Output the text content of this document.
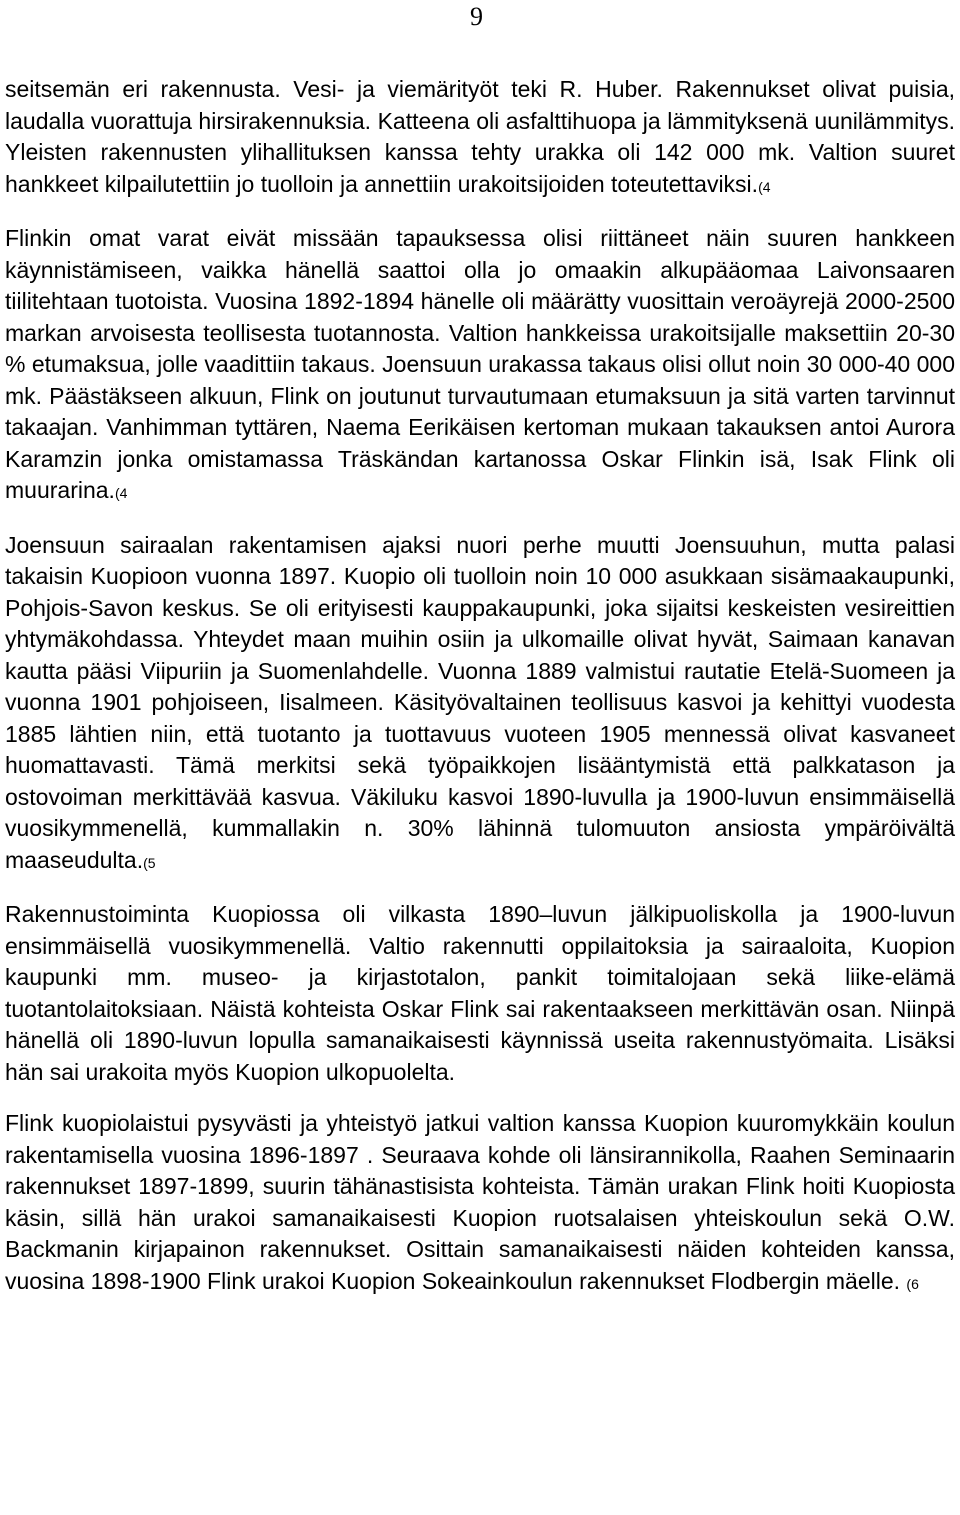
9

seitsemän eri rakennusta. Vesi- ja viemärityöt teki R. Huber. Rakennukset olivat puisia, laudalla vuorattuja hirsirakennuksia. Katteena oli asfalttihuopa ja lämmityksenä uunilämmitys. Yleisten rakennusten ylihallituksen kanssa tehty urakka oli 142 000 mk. Valtion suuret hankkeet kilpailutettiin jo tuolloin ja annettiin urakoitsijoiden toteutettaviksi.(4

Flinkin omat varat eivät missään tapauksessa olisi riittäneet näin suuren hankkeen käynnistämiseen, vaikka hänellä saattoi olla jo omaakin alkupääomaa Laivonsaaren tiilitehtaan tuotoista. Vuosina 1892-1894 hänelle oli määrätty vuosittain veroäyrejä 2000-2500 markan arvoisesta teollisesta tuotannosta. Valtion hankkeissa urakoitsijalle maksettiin 20-30 % etumaksua, jolle vaadittiin takaus. Joensuun urakassa takaus olisi ollut noin 30 000-40 000 mk. Päästäkseen alkuun, Flink on joutunut turvautumaan etumaksuun ja sitä varten tarvinnut takaajan. Vanhimman tyttären, Naema Eerikäisen kertoman mukaan takauksen antoi Aurora Karamzin jonka omistamassa Träskändan kartanossa Oskar Flinkin isä, Isak Flink oli muurarina.(4

Joensuun sairaalan rakentamisen ajaksi nuori perhe muutti Joensuuhun, mutta palasi takaisin Kuopioon vuonna 1897. Kuopio oli tuolloin noin 10 000 asukkaan sisämaakaupunki, Pohjois-Savon keskus. Se oli erityisesti kauppakaupunki, joka sijaitsi keskeisten vesireittien yhtymäkohdassa. Yhteydet maan muihin osiin ja ulkomaille olivat hyvät, Saimaan kanavan kautta pääsi Viipuriin ja Suomenlahdelle. Vuonna 1889 valmistui rautatie Etelä-Suomeen ja vuonna 1901 pohjoiseen, Iisalmeen. Käsityövaltainen teollisuus kasvoi ja kehittyi vuodesta 1885 lähtien niin, että tuotanto ja tuottavuus vuoteen 1905 mennessä olivat kasvaneet huomattavasti. Tämä merkitsi sekä työpaikkojen lisääntymistä että palkkatason ja ostovoiman merkittävää kasvua. Väkiluku kasvoi 1890-luvulla ja 1900-luvun ensimmäisellä vuosikymmenellä, kummallakin n. 30% lähinnä tulomuuton ansiosta ympäröivältä maaseudulta.(5

Rakennustoiminta Kuopiossa oli vilkasta 1890–luvun jälkipuoliskolla ja 1900-luvun ensimmäisellä vuosikymmenellä. Valtio rakennutti oppilaitoksia ja sairaaloita, Kuopion kaupunki mm. museo- ja kirjastotalon, pankit toimitalojaan sekä liike-elämä tuotantolaitoksiaan. Näistä kohteista Oskar Flink sai rakentaakseen merkittävän osan. Niinpä hänellä oli 1890-luvun lopulla samanaikaisesti käynnissä useita rakennustyömaita. Lisäksi hän sai urakoita myös Kuopion ulkopuolelta.

Flink kuopiolaistui pysyvästi ja yhteistyö jatkui valtion kanssa Kuopion kuuromykkäin koulun rakentamisella vuosina 1896-1897 . Seuraava kohde oli länsirannikolla, Raahen Seminaarin rakennukset 1897-1899, suurin tähänastisista kohteista. Tämän urakan Flink hoiti Kuopiosta käsin, sillä hän urakoi samanaikaisesti Kuopion ruotsalaisen yhteiskoulun sekä O.W. Backmanin kirjapainon rakennukset. Osittain samanaikaisesti näiden kohteiden kanssa, vuosina 1898-1900 Flink urakoi Kuopion Sokeainkoulun rakennukset Flodbergin mäelle. (6
